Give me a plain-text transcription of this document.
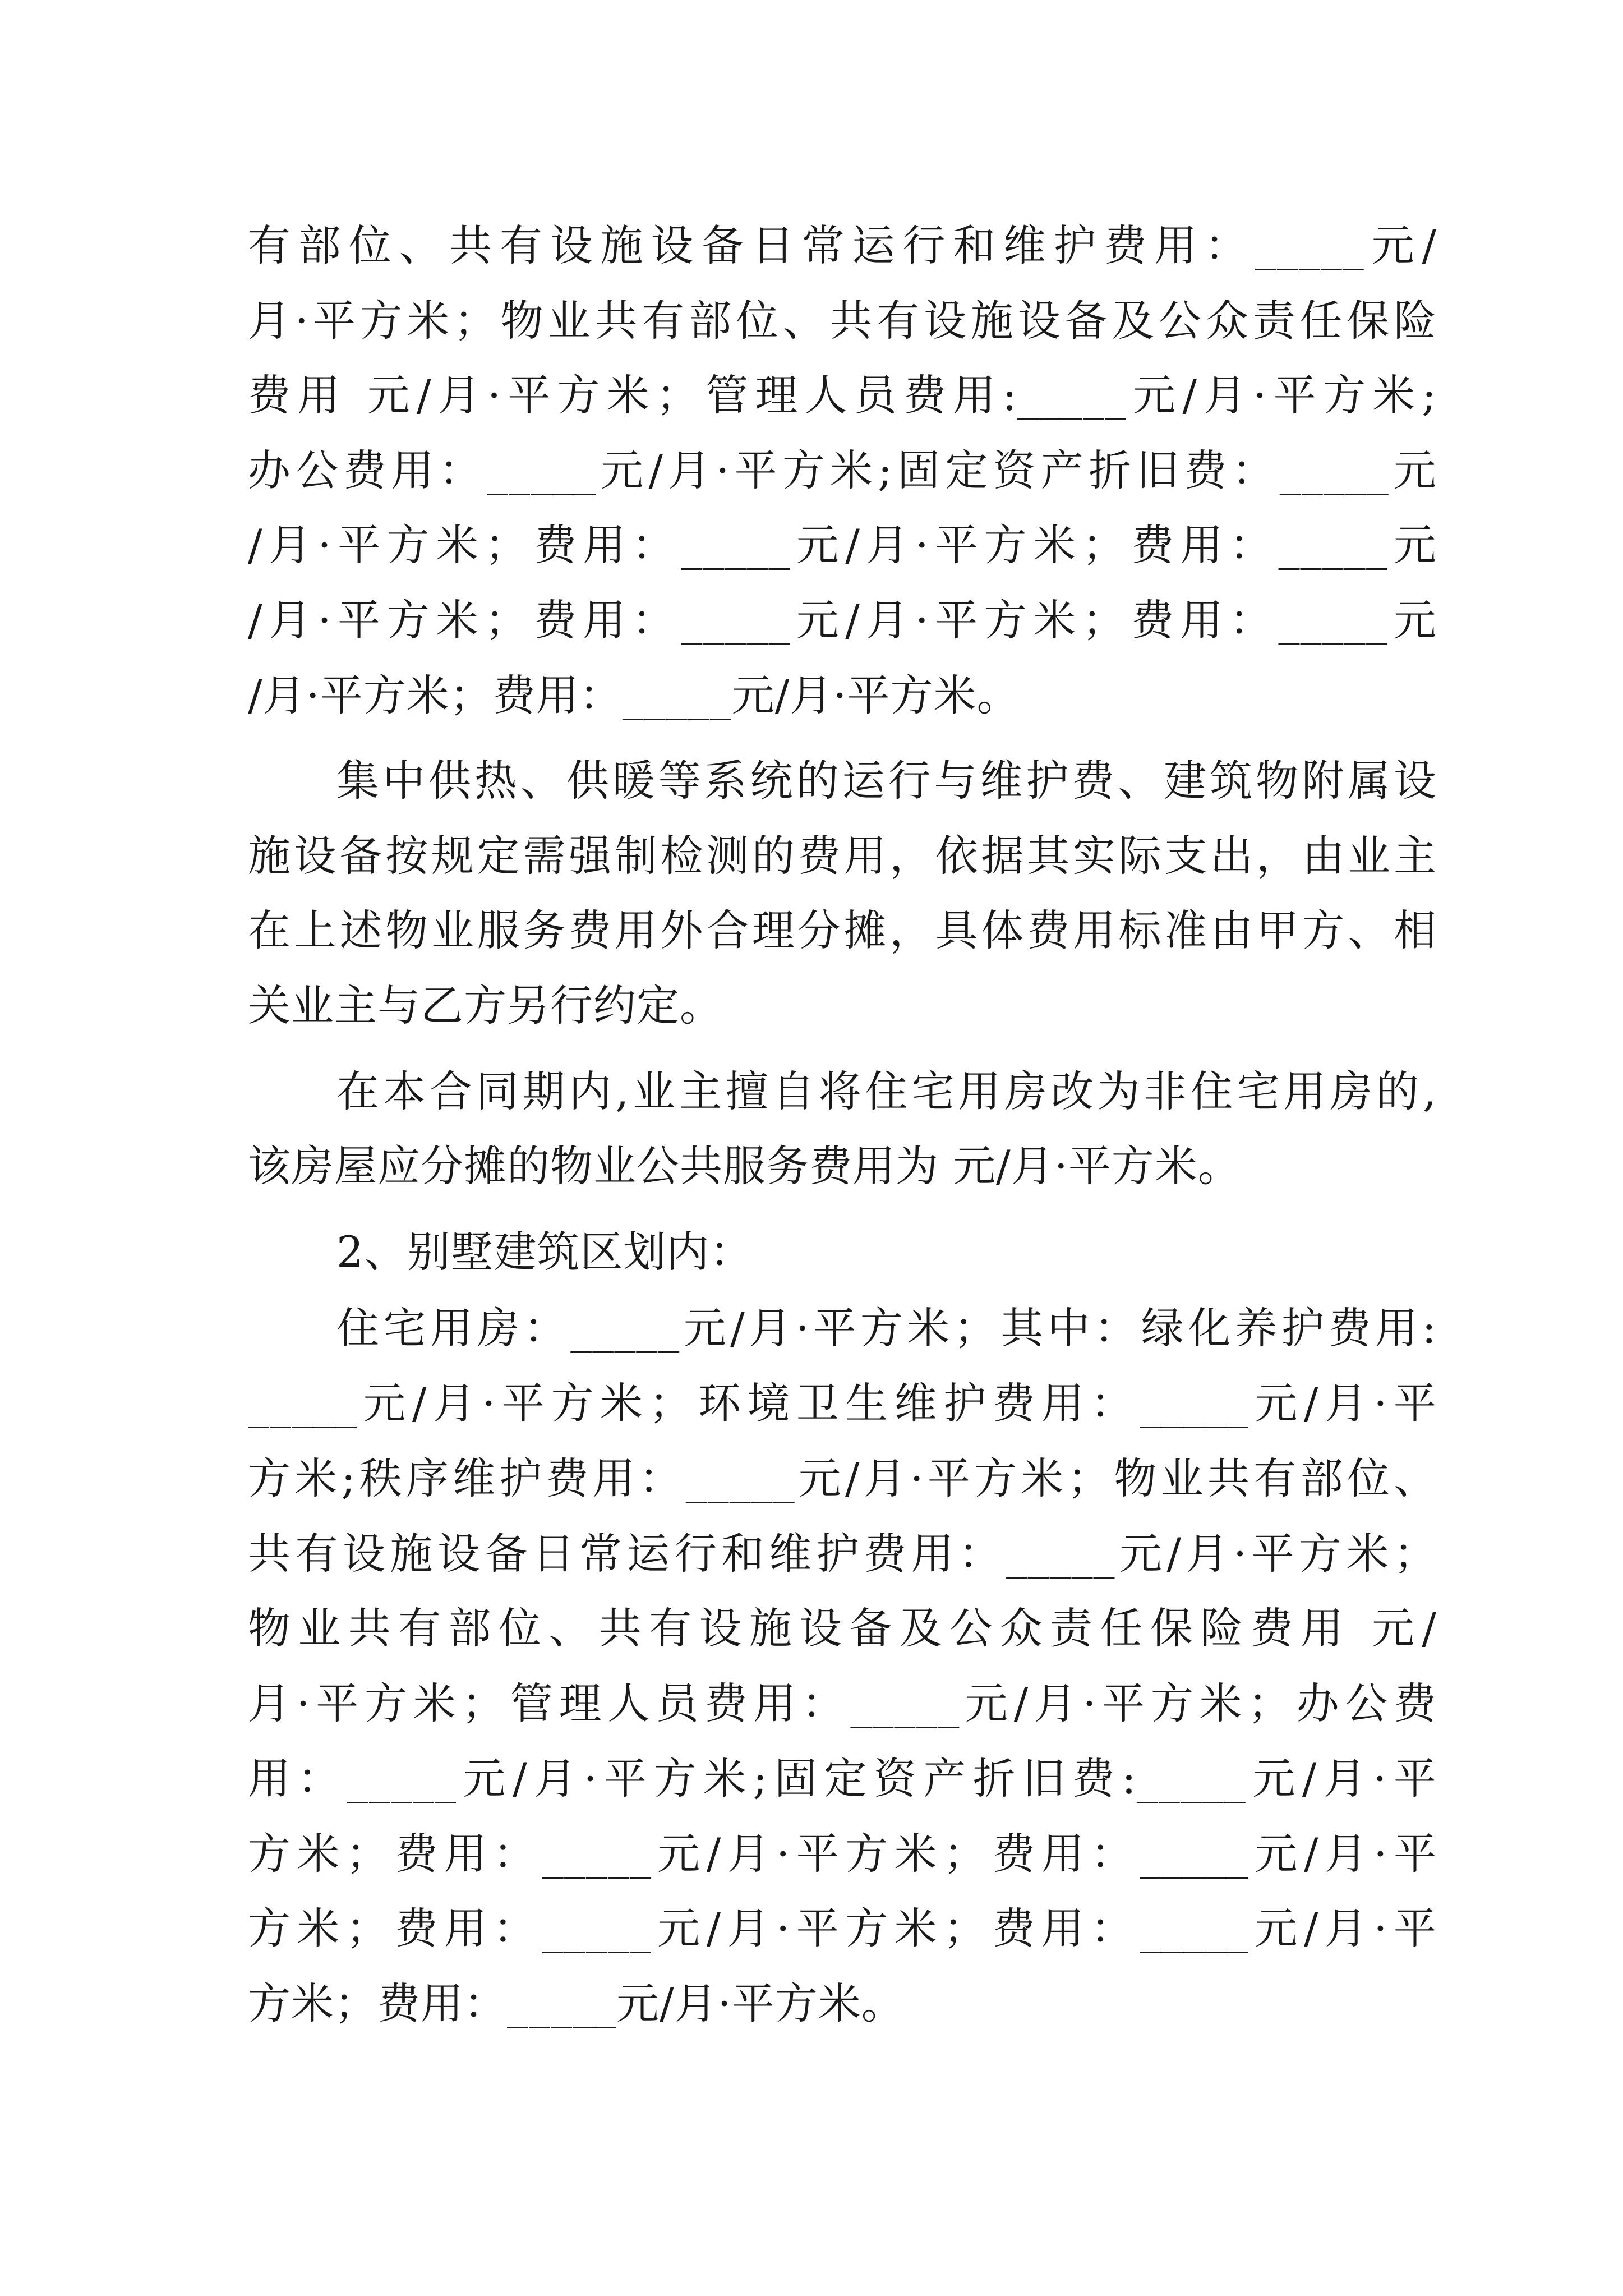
有部位、共有设施设备日常运行和维护费用：_____元/
月·平方米；物业共有部位、共有设施设备及公众责任保险
费用 元/月·平方米；管理人员费用:_____元/月·平方米;
办公费用：_____元/月·平方米;固定资产折旧费：_____元
/月·平方米；费用：_____元/月·平方米；费用：_____元
/月·平方米；费用：_____元/月·平方米；费用：_____元
/月·平方米；费用：_____元/月·平方米。
集中供热、供暖等系统的运行与维护费、建筑物附属设
施设备按规定需强制检测的费用，依据其实际支出，由业主
在上述物业服务费用外合理分摊，具体费用标准由甲方、相
关业主与乙方另行约定。
在本合同期内,业主擅自将住宅用房改为非住宅用房的,
该房屋应分摊的物业公共服务费用为 元/月·平方米。
2、别墅建筑区划内：
住宅用房：_____元/月·平方米；其中：绿化养护费用:
_____元/月·平方米；环境卫生维护费用：_____元/月·平
方米;秩序维护费用：_____元/月·平方米；物业共有部位、
共有设施设备日常运行和维护费用：_____元/月·平方米；
物业共有部位、共有设施设备及公众责任保险费用 元/
月·平方米；管理人员费用：_____元/月·平方米；办公费
用：_____元/月·平方米;固定资产折旧费:_____元/月·平
方米；费用：_____元/月·平方米；费用：_____元/月·平
方米；费用：_____元/月·平方米；费用：_____元/月·平
方米；费用：_____元/月·平方米。
